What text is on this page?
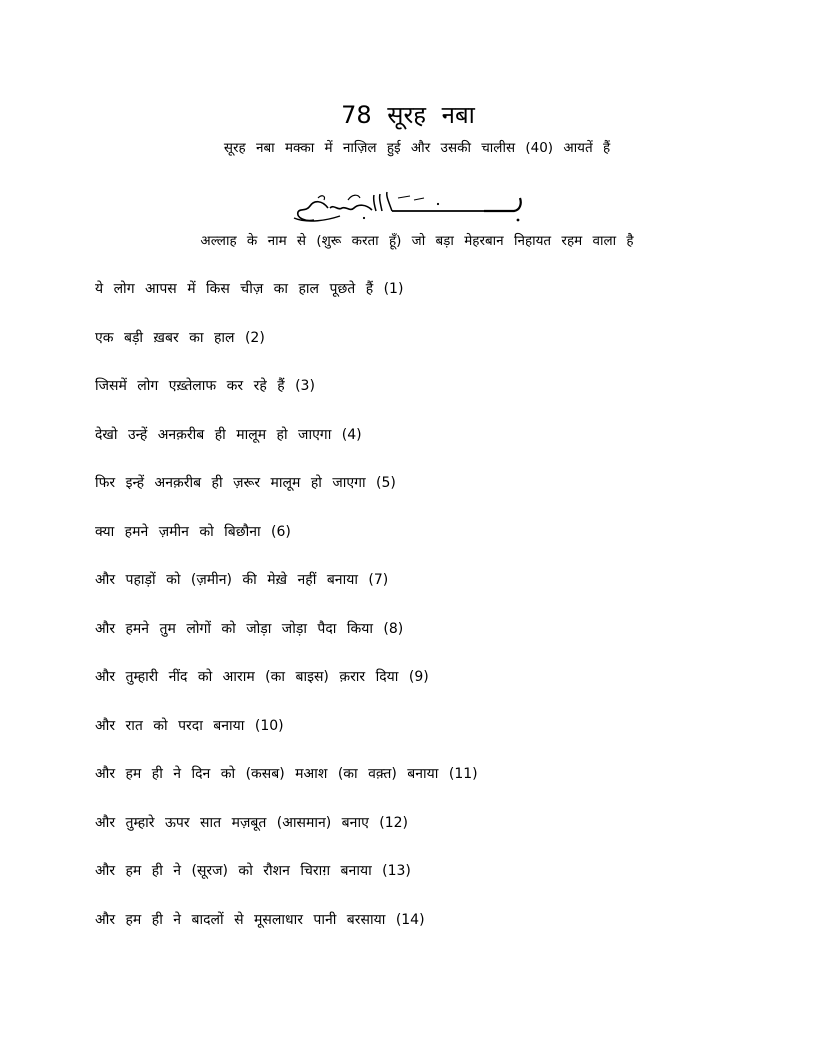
78 सूरह नबा
सूरह नबा मक्का में नाज़िल हुई और उसकी चालीस (40) आयतें हैं
अल्लाह के नाम से (शुरू करता हूँ) जो बड़ा मेहरबान निहायत रहम वाला है
ये लोग आपस में किस चीज़ का हाल पूछते हैं (1)
एक बड़ी ख़बर का हाल (2)
जिसमें लोग एख़्तेलाफ कर रहे हैं (3)
देखो उन्हें अनक़रीब ही मालूम हो जाएगा (4)
फिर इन्हें अनक़रीब ही ज़रूर मालूम हो जाएगा (5)
क्या हमने ज़मीन को बिछौना (6)
और पहाड़ों को (ज़मीन) की मेख़े नहीं बनाया (7)
और हमने तुम लोगों को जोड़ा जोड़ा पैदा किया (8)
और तुम्हारी नींद को आराम (का बाइस) क़रार दिया (9)
और रात को परदा बनाया (10)
और हम ही ने दिन को (कसब) मआश (का वक़्त) बनाया (11)
और तुम्हारे ऊपर सात मज़बूत (आसमान) बनाए (12)
और हम ही ने (सूरज) को रौशन चिराग़ बनाया (13)
और हम ही ने बादलों से मूसलाधार पानी बरसाया (14)
